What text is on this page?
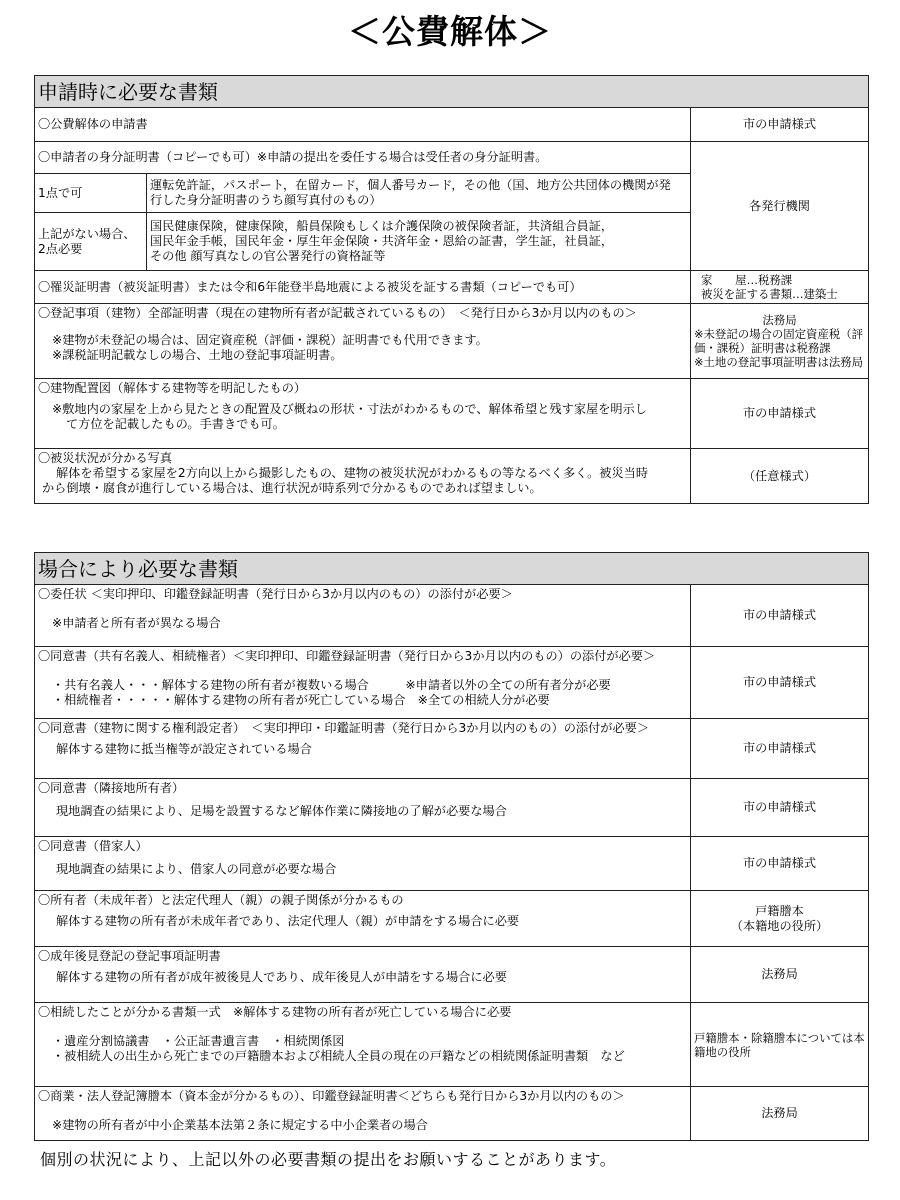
＜公費解体＞
申請時に必要な書類		
〇公費解体の申請書		市の申請様式
〇申請者の身分証明書（コピーでも可）※申請の提出を委任する場合は受任者の身分証明書。		各発行機関
1点で可	運転免許証，パスポート，在留カード，個人番号カード，その他（国、地方公共団体の機関が発
行した身分証明書のうち顔写真付のもの）	

上記がない場合、
2点必要	国民健康保険，健康保険，船員保険もしくは介護保険の被保険者証，共済組合員証，
国民年金手帳，国民年金・厚生年金保険・共済年金・恩給の証書，学生証，社員証，
その他 顔写真なしの官公署発行の資格証等	

〇罹災証明書（被災証明書）または令和6年能登半島地震による被災を証する書類（コピーでも可）		家　　屋…税務課
被災を証する書類…建築士

〇登記事項（建物）全部証明書（現在の建物所有者が記載されているもの）　＜発行日から3か月以内のもの＞
※建物が未登記の場合は、固定資産税（評価・課税）証明書でも代用できます。
※課税証明記載なしの場合、土地の登記事項証明書。		法務局
※未登記の場合の固定資産税（評価・課税）証明書は税務課
※土地の登記事項証明書は法務局

〇建物配置図（解体する建物等を明記したもの）
※敷地内の家屋を上から見たときの配置及び概ねの形状・寸法がわかるもので、解体希望と残す家屋を明示し
て方位を記載したもの。手書きでも可。		市の申請様式

〇被災状況が分かる写真
解体を希望する家屋を2方向以上から撮影したもの、建物の被災状況がわかるもの等なるべく多く。被災当時
から倒壊・腐食が進行している場合は、進行状況が時系列で分かるものであれば望ましい。		（任意様式）
場合により必要な書類	

〇委任状 ＜実印押印、印鑑登録証明書（発行日から3か月以内のもの）の添付が必要＞
※申請者と所有者が異なる場合	市の申請様式

〇同意書（共有名義人、相続権者）＜実印押印、印鑑登録証明書（発行日から3か月以内のもの）の添付が必要＞
・共有名義人・・・解体する建物の所有者が複数いる場合　　　※申請者以外の全ての所有者分が必要
・相続権者・・・・・解体する建物の所有者が死亡している場合　※全ての相続人分が必要	市の申請様式

〇同意書（建物に関する権利設定者）　＜実印押印・印鑑証明書（発行日から3か月以内のもの）の添付が必要＞
解体する建物に抵当権等が設定されている場合	市の申請様式

〇同意書（隣接地所有者）
現地調査の結果により、足場を設置するなど解体作業に隣接地の了解が必要な場合	市の申請様式

〇同意書（借家人）
現地調査の結果により、借家人の同意が必要な場合	市の申請様式

〇所有者（未成年者）と法定代理人（親）の親子関係が分かるもの
解体する建物の所有者が未成年者であり、法定代理人（親）が申請をする場合に必要	戸籍謄本
（本籍地の役所）

〇成年後見登記の登記事項証明書
解体する建物の所有者が成年被後見人であり、成年後見人が申請をする場合に必要	法務局

〇相続したことが分かる書類一式　※解体する建物の所有者が死亡している場合に必要
・遺産分割協議書　・公正証書遺言書　・相続関係図
・被相続人の出生から死亡までの戸籍謄本および相続人全員の現在の戸籍などの相続関係証明書類　など	戸籍謄本・除籍謄本については本籍地の役所

〇商業・法人登記簿謄本（資本金が分かるもの）、印鑑登録証明書＜どちらも発行日から3か月以内のもの＞
※建物の所有者が中小企業基本法第２条に規定する中小企業者の場合	法務局
個別の状況により、上記以外の必要書類の提出をお願いすることがあります。
